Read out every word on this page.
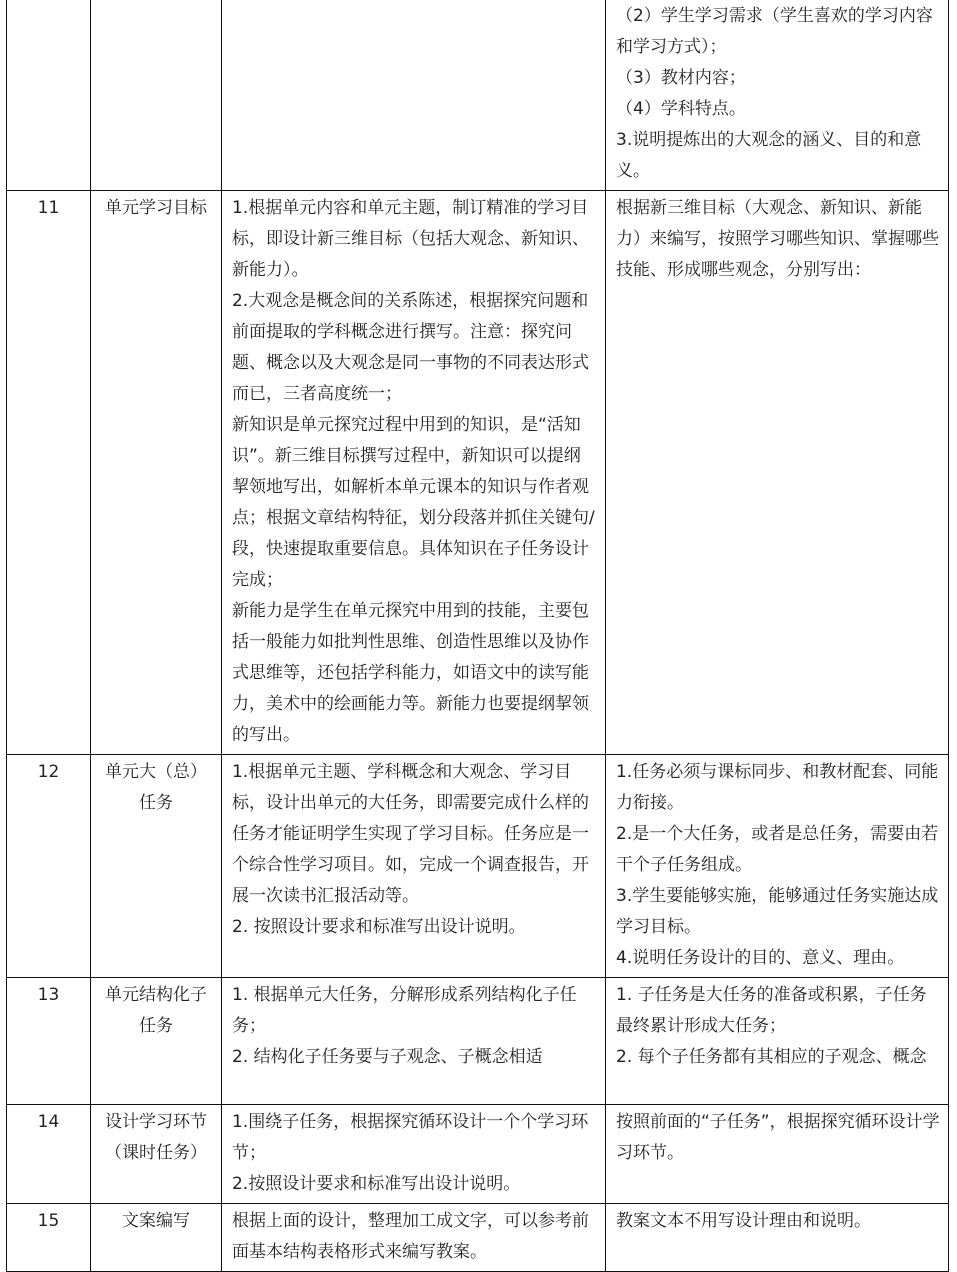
			（2）学生学习需求（学生喜欢的学习内容和学习方式）；
（3）教材内容；
（4）学科特点。
3.说明提炼出的大观念的涵义、目的和意义。

11	单元学习目标	1.根据单元内容和单元主题，制订精准的学习目标，即设计新三维目标（包括大观念、新知识、新能力）。
2.大观念是概念间的关系陈述，根据探究问题和前面提取的学科概念进行撰写。注意：探究问题、概念以及大观念是同一事物的不同表达形式而已，三者高度统一；
新知识是单元探究过程中用到的知识，是“活知识”。新三维目标撰写过程中，新知识可以提纲挈领地写出，如解析本单元课本的知识与作者观点；根据文章结构特征，划分段落并抓住关键句/段，快速提取重要信息。具体知识在子任务设计完成；
新能力是学生在单元探究中用到的技能，主要包括一般能力如批判性思维、创造性思维以及协作式思维等，还包括学科能力，如语文中的读写能力，美术中的绘画能力等。新能力也要提纲挈领的写出。	根据新三维目标（大观念、新知识、新能力）来编写，按照学习哪些知识、掌握哪些技能、形成哪些观念，分别写出：

12	单元大（总）任务	1.根据单元主题、学科概念和大观念、学习目标，设计出单元的大任务，即需要完成什么样的任务才能证明学生实现了学习目标。任务应是一个综合性学习项目。如，完成一个调查报告，开展一次读书汇报活动等。
2. 按照设计要求和标准写出设计说明。	1.任务必须与课标同步、和教材配套、同能力衔接。
2.是一个大任务，或者是总任务，需要由若干个子任务组成。
3.学生要能够实施，能够通过任务实施达成学习目标。
4.说明任务设计的目的、意义、理由。

13	单元结构化子任务	1. 根据单元大任务，分解形成系列结构化子任务；
2. 结构化子任务要与子观念、子概念相适	1. 子任务是大任务的准备或积累，子任务最终累计形成大任务；
2. 每个子任务都有其相应的子观念、概念

14	设计学习环节（课时任务）	1.围绕子任务，根据探究循环设计一个个学习环节；
2.按照设计要求和标准写出设计说明。	按照前面的“子任务”，根据探究循环设计学习环节。

15	文案编写	根据上面的设计，整理加工成文字，可以参考前面基本结构表格形式来编写教案。	教案文本不用写设计理由和说明。
